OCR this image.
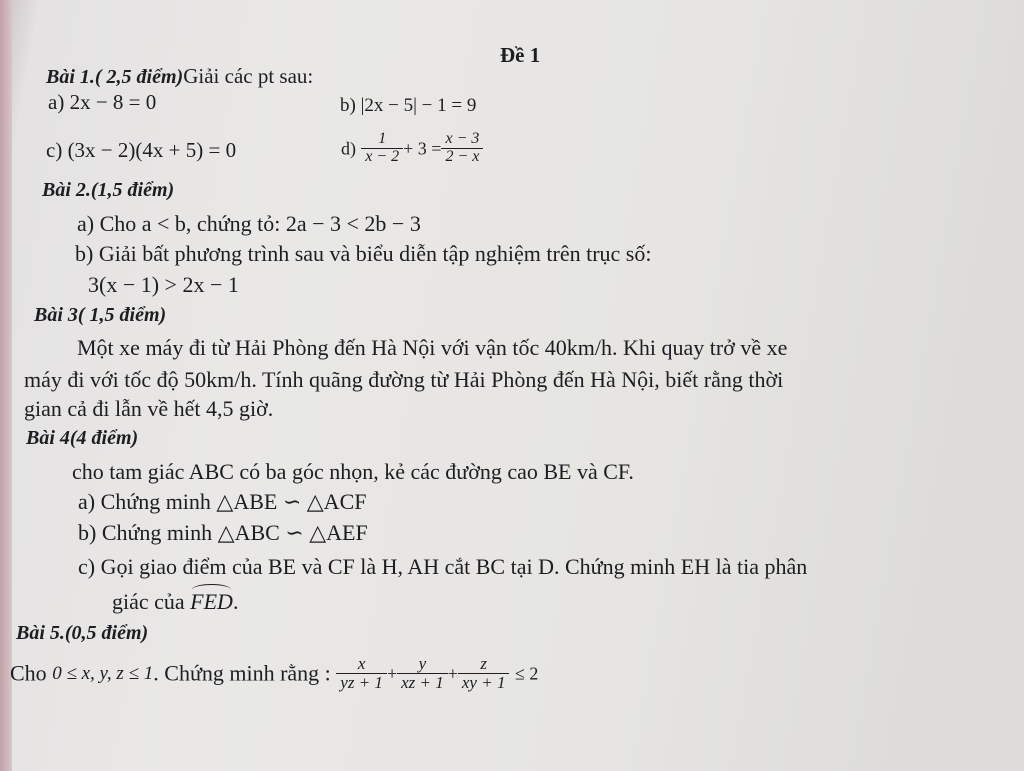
Đề 1
Bài 1.( 2,5 điểm)Giải các pt sau:
a) 2x − 8 = 0	b) |2x − 5| − 1 = 9
c) (3x − 2)(4x + 5) = 0	$d) \frac{1}{x - 2} + 3 = \frac{x - 3}{2 - x}$
Bài 2.(1,5 điểm)
a) Cho a < b, chứng tỏ: 2a − 3 < 2b − 3
b) Giải bất phương trình sau và biểu diễn tập nghiệm trên trục số:
3(x − 1) > 2x − 1
Bài 3( 1,5 điểm)
Một xe máy đi từ Hải Phòng đến Hà Nội với vận tốc 40km/h. Khi quay trở về xe
máy đi với tốc độ 50km/h. Tính quãng đường từ Hải Phòng đến Hà Nội, biết rằng thời
gian cả đi lẫn về hết 4,5 giờ.
Bài 4(4 điểm)
cho tam giác ABC có ba góc nhọn, kẻ các đường cao BE và CF.
a) Chứng minh △ABE ∽ △ACF
b) Chứng minh △ABC ∽ △AEF
c) Gọi giao điểm của BE và CF là H, AH cắt BC tại D. Chứng minh EH là tia phân
giác của FED.
Bài 5.(0,5 điểm)
Cho 0 ≤ x, y, z ≤ 1. Chứng minh rằng : $\frac{x}{yz + 1} + \frac{y}{xz + 1} + \frac{z}{xy + 1} \le 2$
